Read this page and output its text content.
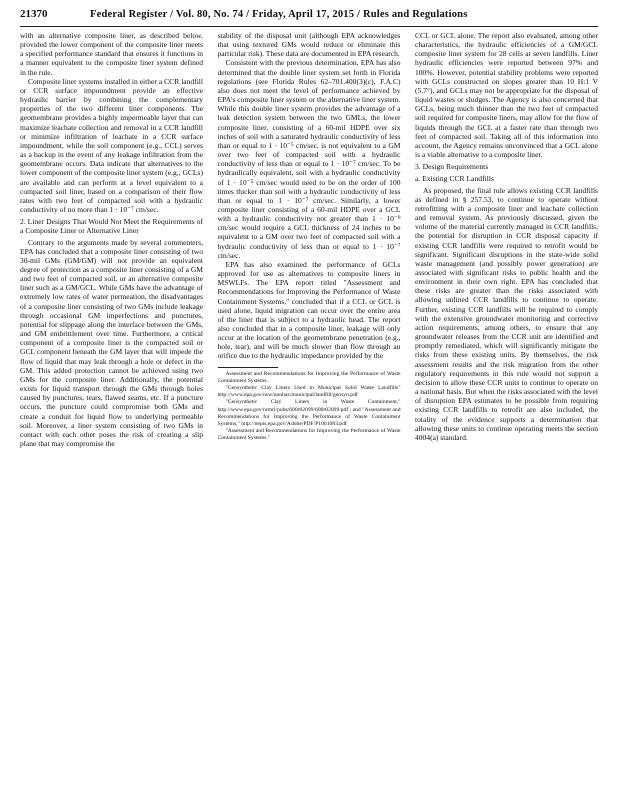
21370	Federal Register / Vol. 80, No. 74 / Friday, April 17, 2015 / Rules and Regulations

with an alternative composite liner, as described below, provided the lower component of the composite liner meets a specified performance standard that ensures it functions in a manner equivalent to the composite liner system defined in the rule.

Composite liner systems installed in either a CCR landfill or CCR surface impoundment provide an effective hydraulic barrier by combining the complementary properties of the two different liner components. The geomembrane provides a highly impermeable layer that can maximize leachate collection and removal in a CCR landfill or minimize infiltration of leachate in a CCR surface impoundment, while the soil component (e.g., CCL) serves as a backup in the event of any leakage infiltration from the geomembrane occurs. Data indicate that alternatives to the lower component of the composite liner system (e.g., GCLs) are available and can perform at a level equivalent to a compacted soil liner, based on a comparison of their flow rates with two feet of compacted soil with a hydraulic conductivity of no more than 1 · 10⁻⁷ cm/sec.

2. Liner Designs That Would Not Meet the Requirements of a Composite Liner or Alternative Liner

Contrary to the arguments made by several commenters, EPA has concluded that a composite liner consisting of two 30-mil GMs (GM/GM) will not provide an equivalent degree of protection as a composite liner consisting of a GM and two feet of compacted soil, or an alternative composite liner such as a GM/GCL. While GMs have the advantage of extremely low rates of water permeation, the disadvantages of a composite liner consisting of two GMs include leakage through occasional GM imperfections and punctures, potential for slippage along the interface between the GMs, and GM embrittlement over time. Furthermore, a critical component of a composite liner is the compacted soil or GCL component beneath the GM layer that will impede the flow of liquid that may leak through a hole or defect in the GM. This added protection cannot be achieved using two GMs for the composite liner. Additionally, the potential exists for liquid transport through the GMs through holes caused by punctures, tears, flawed seams, etc. If a puncture occurs, the puncture could compromise both GMs and create a conduit for liquid flow to underlying permeable soil. Moreover, a liner system consisting of two GMs in contact with each other poses the risk of creating a slip plane that may compromise the

stability of the disposal unit (although EPA acknowledges that using textured GMs would reduce or eliminate this particular risk). These data are documented in EPA research.

Consistent with the previous determination, EPA has also determined that the double liner system set forth in Florida regulations (see Florida Rules 62–701.400(3)(c), F.A.C) also does not meet the level of performance achieved by EPA's composite liner system or the alternative liner system. While this double liner system provides the advantage of a leak detection system between the two GMLs, the lower composite liner, consisting of a 60-mil HDPE over six inches of soil with a saturated hydraulic conductivity of less than or equal to 1 · 10⁻⁵ cm/sec, is not equivalent to a GM over two feet of compacted soil with a hydraulic conductivity of less than or equal to 1 · 10⁻⁷ cm/sec. To be hydraulically equivalent, soil with a hydraulic conductivity of 1 · 10⁻⁵ cm/sec would need to be on the order of 100 times thicker than soil with a hydraulic conductivity of less than or equal to 1 · 10⁻⁷ cm/sec. Similarly, a lower composite liner consisting of a 60-mil HDPE over a GCL with a hydraulic conductivity not greater than 1 · 10⁻⁹ cm/sec would require a GCL thickness of 24 inches to be equivalent to a GM over two feet of compacted soil with a hydraulic conductivity of less than or equal to 1 · 10⁻⁷ cm/sec.

EPA has also examined the performance of GCLs approved for use as alternatives to composite liners in MSWLFs. The EPA report titled "Assessment and Recommendations for Improving the Performance of Waste Containment Systems," concluded that if a CCL or GCL is used alone, liquid migration can occur over the entire area of the liner that is subject to a hydraulic head. The report also concluded that in a composite liner, leakage will only occur at the location of the geomembrane penetration (e.g., hole, tear), and will be much slower than flow through an orifice due to the hydraulic impedance provided by the

Assessment and Recommendations for Improving the Performance of Waste Containment Systems.

"Geosynthetic Clay Liners Used in Municipal Solid Waste Landfills" http://www.epa.gov/osw/nonhaz/municipal/landfill/geosyn.pdf

"Geosynthetic Clay Liners in Waste Containment," http://www.epa.gov/nrmrl/pubs/600r02099/600r02099.pdf ; and "Assessment and Recommendations for Improving the Performance of Waste Containment Systems," http://nepis.epa.gov/Adobe/PDF/P1001083.pdf

"Assessment and Recommendations for Improving the Performance of Waste Containment Systems."

CCL or GCL alone. The report also evaluated, among other characteristics, the hydraulic efficiencies of a GM/GCL composite liner system for 28 cells at seven landfills. Liner hydraulic efficiencies were reported between 97% and 100%. However, potential stability problems were reported with GCLs constructed on slopes greater than 10 H:1 V (5.7°), and GCLs may not be appropriate for the disposal of liquid wastes or sludges. The Agency is also concerned that GCLs, being much thinner than the two feet of compacted soil required for composite liners, may allow for the flow of liquids through the GCL at a faster rate than through two feet of compacted soil. Taking all of this information into account, the Agency remains unconvinced that a GCL alone is a viable alternative to a composite liner.

3. Design Requirements
a. Existing CCR Landfills

As proposed, the final rule allows existing CCR landfills as defined in § 257.53, to continue to operate without retrofitting with a composite liner and leachate collection and removal system. As previously discussed, given the volume of the material currently managed in CCR landfills, the potential for disruption in CCR disposal capacity if existing CCR landfills were required to retrofit would be significant. Significant disruptions in the state-wide solid waste management (and possibly power generation) are associated with significant risks to public health and the environment in their own right. EPA has concluded that these risks are greater than the risks associated with allowing unlined CCR landfills to continue to operate. Further, existing CCR landfills will be required to comply with the extensive groundwater monitoring and corrective action requirements, among others, to ensure that any groundwater releases from the CCR unit are identified and promptly remediated, which will significantly mitigate the risks from these existing units. By themselves, the risk assessment results and the risk migration from the other regulatory requirements in this rule would not support a decision to allow these CCR units to continue to operate on a national basis. But when the risks associated with the level of disruption EPA estimates to be possible from requiring existing CCR landfills to retrofit are also included, the totality of the evidence supports a determination that allowing these units to continue operating meets the section 4004(a) standard.
